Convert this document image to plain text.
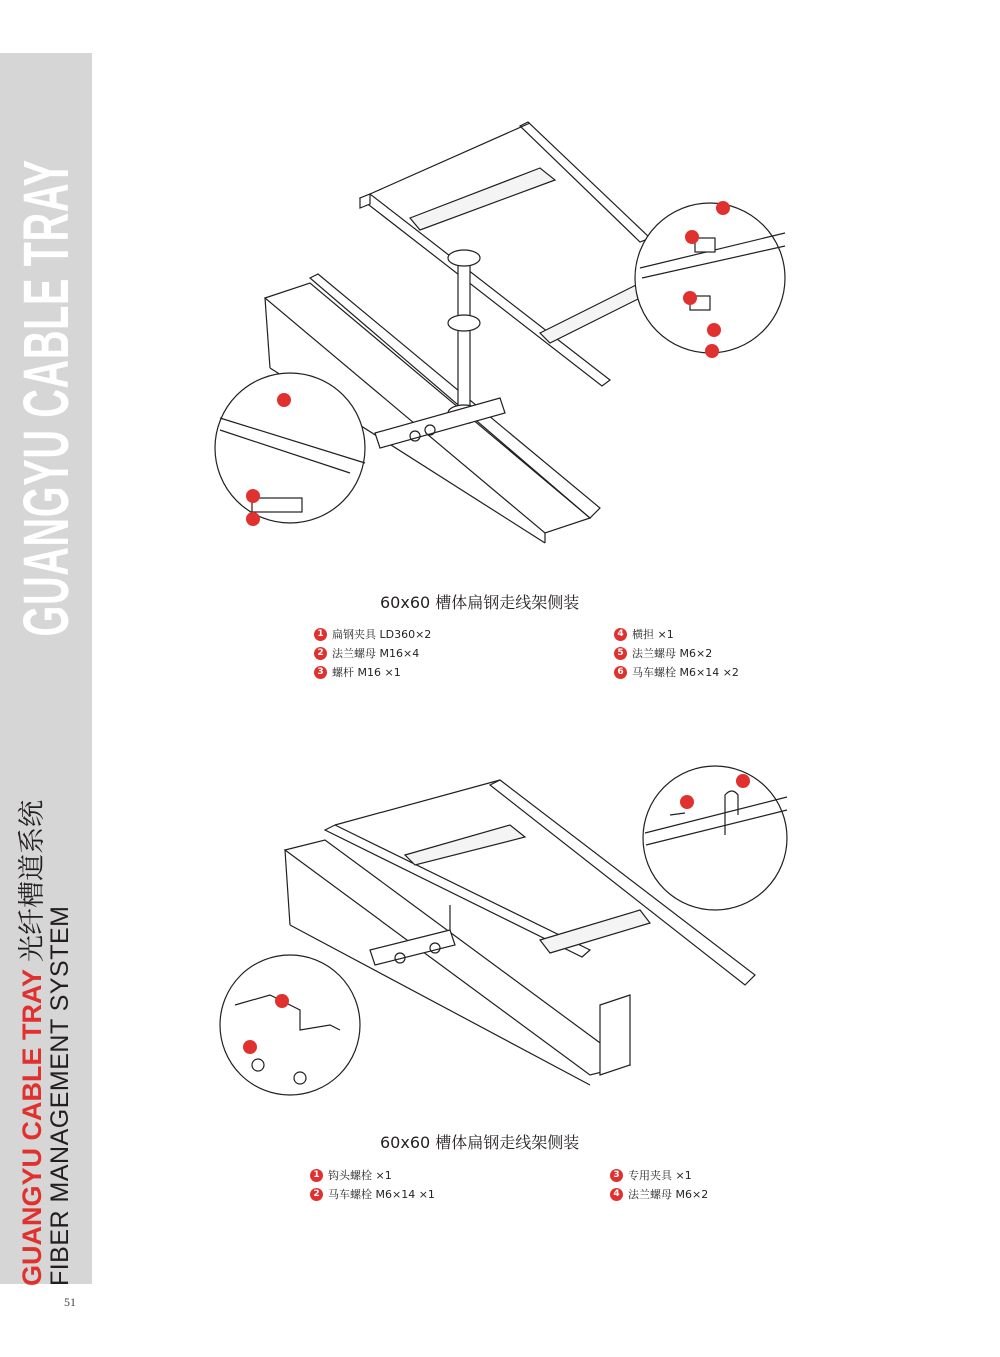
GUANGYU CABLE TRAY
GUANGYU CABLE TRAY 光纤槽道系统
FIBER MANAGEMENT SYSTEM
51
60x60 槽体扁钢走线架侧装
1 扁钢夹具 LD360×2
2 法兰螺母 M16×4
3 螺杆 M16 ×1
4 横担 ×1
5 法兰螺母 M6×2
6 马车螺栓 M6×14 ×2
60x60 槽体扁钢走线架侧装
1 钩头螺栓 ×1
2 马车螺栓 M6×14 ×1
3 专用夹具 ×1
4 法兰螺母 M6×2
